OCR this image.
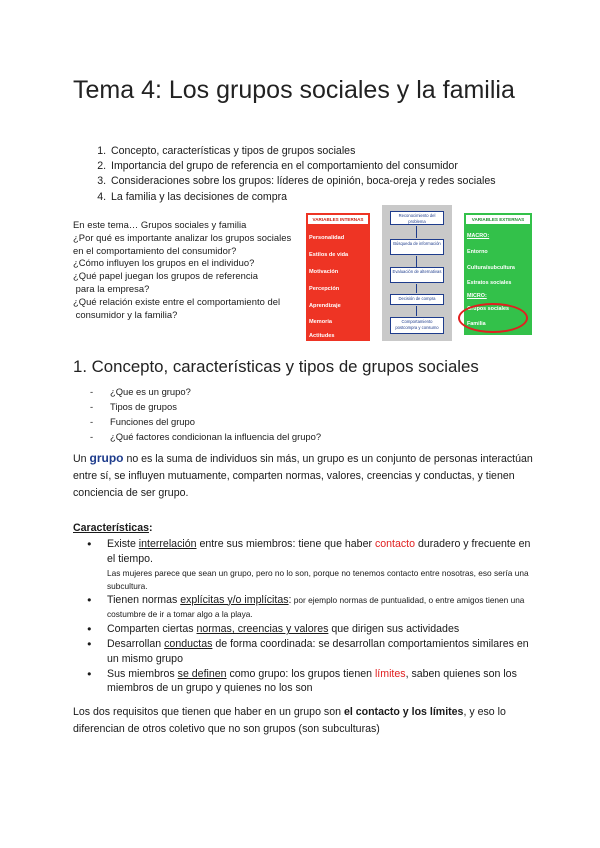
Tema 4: Los grupos sociales y la familia
1. Concepto, características y tipos de grupos sociales
2. Importancia del grupo de referencia en el comportamiento del consumidor
3. Consideraciones sobre los grupos: líderes de opinión, boca-oreja y redes sociales
4. La familia y las decisiones de compra
En este tema… Grupos sociales y familia
¿Por qué es importante analizar los grupos sociales
en el comportamiento del consumidor?
¿Cómo influyen los grupos en el individuo?
¿Qué papel juegan los grupos de referencia
para la empresa?
¿Qué relación existe entre el comportamiento del
consumidor y la familia?
VARIABLES INTERNAS
Personalidad
Estilos de vida
Motivación
Percepción
Aprendizaje
Memoria
Actitudes
Reconocimiento del problema
Búsqueda de información
Evaluación de alternativas
Decisión de compra
Comportamiento postcompra y consumo
VARIABLES EXTERNAS
MACRO:
Entorno
Cultura/subcultura
Estratos sociales
MICRO:
Grupos sociales
Familia
1. Concepto, características y tipos de grupos sociales
- ¿Que es un grupo?
- Tipos de grupos
- Funciones del grupo
- ¿Qué factores condicionan la influencia del grupo?
Un grupo no es la suma de individuos sin más, un grupo es un conjunto de personas interactúan entre sí, se influyen mutuamente, comparten normas, valores, creencias y conductas, y tienen conciencia de ser grupo.
Características:
● Existe interrelación entre sus miembros: tiene que haber contacto duradero y frecuente en el tiempo.
Las mujeres parece que sean un grupo, pero no lo son, porque no tenemos contacto entre nosotras, eso sería una subcultura.
● Tienen normas explícitas y/o implícitas: por ejemplo normas de puntualidad, o entre amigos tienen una costumbre de ir a tomar algo a la playa.
● Comparten ciertas normas, creencias y valores que dirigen sus actividades
● Desarrollan conductas de forma coordinada: se desarrollan comportamientos similares en un mismo grupo
● Sus miembros se definen como grupo: los grupos tienen límites, saben quienes son los miembros de un grupo y quienes no los son
Los dos requisitos que tienen que haber en un grupo son el contacto y los límites, y eso lo diferencian de otros coletivo que no son grupos (son subculturas)
